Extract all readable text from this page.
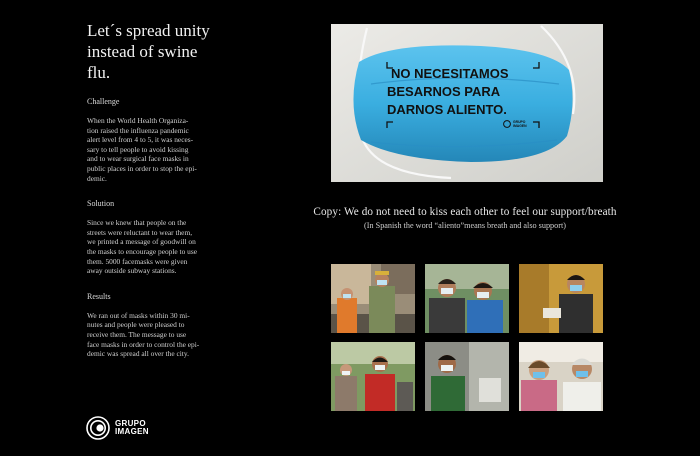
Let´s spread unity instead of swine flu.
Challenge
When the World Health Organiza-
tion raised the influenza pandemic
alert level from 4 to 5, it was neces-
sary to tell people to avoid kissing
and to wear surgical face masks in
public places in order to stop the epi-
demic.
Solution
Since we knew that people on the
streets were reluctant to wear them,
we printed a message of goodwill on
the masks to encourage people to use
them. 5000 facemasks were given
away outside subway stations.
Results
We ran out of masks within 30 mi-
nutes and people were pleased to
receive them. The message to use
face masks in order to control the epi-
demic was spread all over the city.
GRUPO
IMAGEN
NO NECESITAMOS
BESARNOS PARA
DARNOS ALIENTO.
GRUPO
IMAGEN
Copy: We do not need to kiss each other to feel our support/breath
(In Spanish the word “aliento”means breath and also support)
